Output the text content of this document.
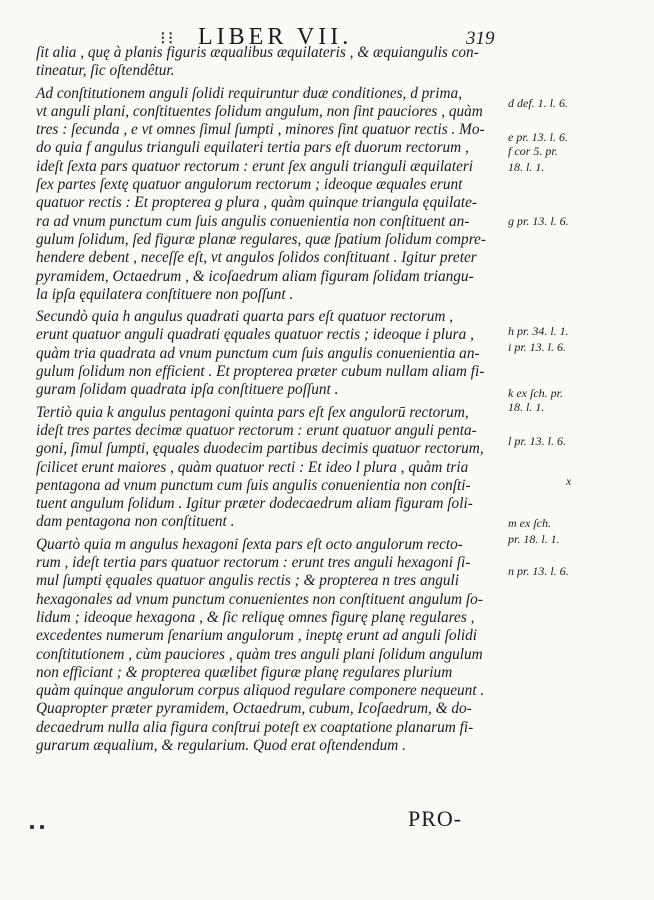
⁝⁝ LIBER VII.	319
ſit alia , quę à planis figuris æqualibus æquilateris , & æquiangulis con-
tineatur, ſic oſtendêtur.
Ad conſtitutionem anguli ſolidi requiruntur duæ conditiones, d prima,
vt anguli plani, conſtituentes ſolidum angulum, non ſint pauciores , quàm
tres : ſecunda , e vt omnes ſimul ſumpti , minores ſint quatuor rectis . Mo-
do quia f angulus trianguli equilateri tertia pars eſt duorum rectorum ,
ideſt ſexta pars quatuor rectorum : erunt ſex anguli trianguli æquilateri
ſex partes ſextę quatuor angulorum rectorum ; ideoque æquales erunt
quatuor rectis : Et propterea g plura , quàm quinque triangula ęquilate-
ra ad vnum punctum cum ſuis angulis conuenientia non conſtituent an-
gulum ſolidum, ſed figuræ planæ regulares, quæ ſpatium ſolidum compre-
hendere debent , neceſſe eſt, vt angulos ſolidos conſtituant . Igitur preter
pyramidem, Octaedrum , & icoſaedrum aliam figuram ſolidam triangu-
la ipſa ęquilatera conſtituere non poſſunt .
Secundò quia h angulus quadrati quarta pars eſt quatuor rectorum ,
erunt quatuor anguli quadrati ęquales quatuor rectis ; ideoque i plura ,
quàm tria quadrata ad vnum punctum cum ſuis angulis conuenientia an-
gulum ſolidum non efficient . Et propterea præter cubum nullam aliam fi-
guram ſolidam quadrata ipſa conſtituere poſſunt .
Tertiò quia k angulus pentagoni quinta pars eſt ſex angulorū rectorum,
ideſt tres partes decimæ quatuor rectorum : erunt quatuor anguli penta-
goni, ſimul ſumpti, ęquales duodecim partibus decimis quatuor rectorum,
ſcilicet erunt maiores , quàm quatuor recti : Et ideo l plura , quàm tria
pentagona ad vnum punctum cum ſuis angulis conuenientia non conſti-
tuent angulum ſolidum . Igitur præter dodecaedrum aliam figuram ſoli-
dam pentagona non conſtituent .
Quartò quia m angulus hexagoni ſexta pars eſt octo angulorum recto-
rum , ideſt tertia pars quatuor rectorum : erunt tres anguli hexagoni ſi-
mul ſumpti ęquales quatuor angulis rectis ; & propterea n tres anguli
hexagonales ad vnum punctum conuenientes non conſtituent angulum ſo-
lidum ; ideoque hexagona , & ſic reliquę omnes figurę planę regulares ,
excedentes numerum ſenarium angulorum , ineptę erunt ad anguli ſolidi
conſtitutionem , cùm pauciores , quàm tres anguli plani ſolidum angulum
non efficiant ; & propterea quælibet figuræ planę regulares plurium
quàm quinque angulorum corpus aliquod regulare componere nequeunt .
Quapropter præter pyramidem, Octaedrum, cubum, Icoſaedrum, & do-
decaedrum nulla alia figura conſtrui poteſt ex coaptatione planarum fi-
gurarum æqualium, & regularium. Quod erat oſtendendum .
d def. 1. l. 6.
e pr. 13. l. 6.
f cor 5. pr.
18. l. 1.
g pr. 13. l. 6.
h pr. 34. l. 1.
i pr. 13. l. 6.
k ex ſch. pr.
18. l. 1.
l pr. 13. l. 6.
x
m ex ſch.
pr. 18. l. 1.
n pr. 13. l. 6.
PRO-
